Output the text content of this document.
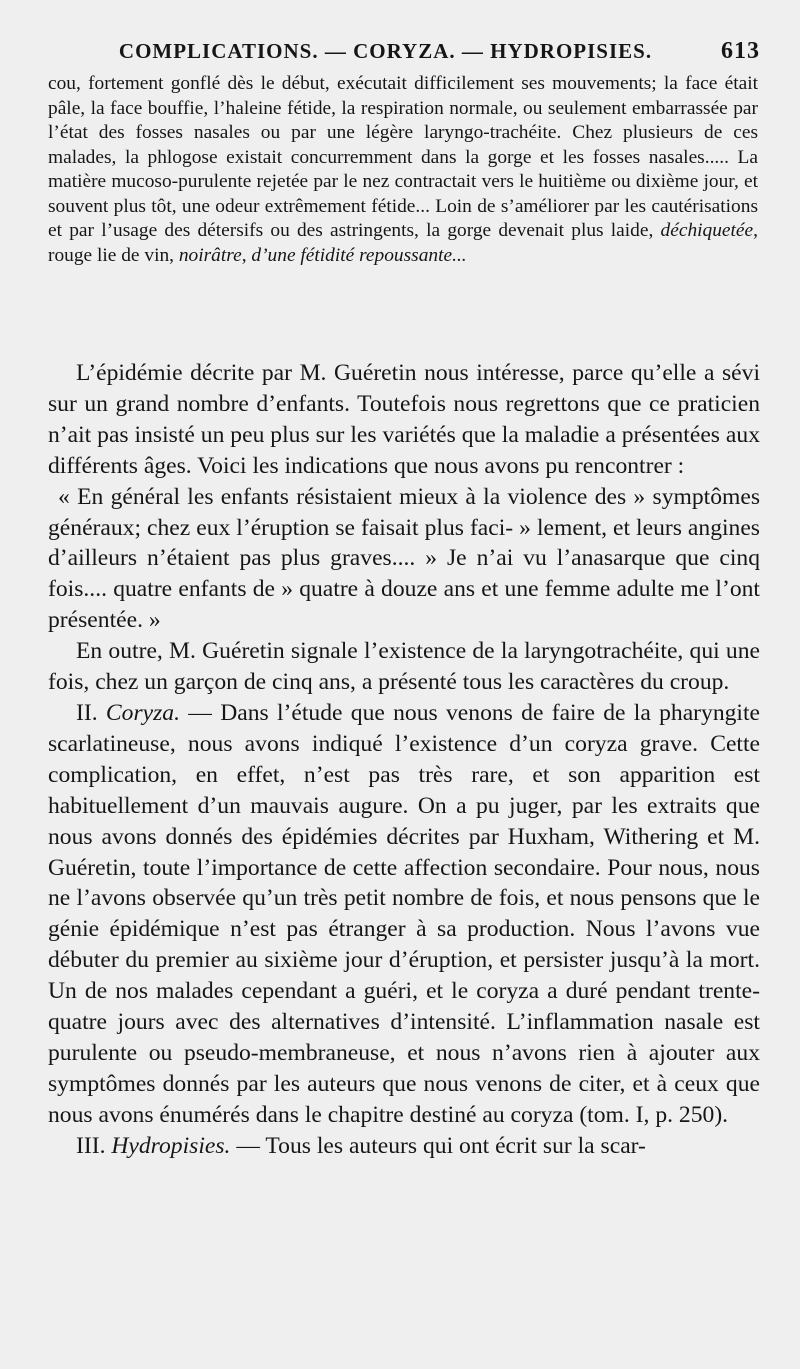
COMPLICATIONS. — CORYZA. — HYDROPISIES.	613

cou, fortement gonflé dès le début, exécutait difficilement ses mouvements; la face était pâle, la face bouffie, l’haleine fétide, la respiration normale, ou seulement embarrassée par l’état des fosses nasales ou par une légère laryngo-trachéite. Chez plusieurs de ces malades, la phlogose existait concurremment dans la gorge et les fosses nasales..... La matière mucoso-purulente rejetée par le nez contractait vers le huitième ou dixième jour, et souvent plus tôt, une odeur extrêmement fétide... Loin de s’améliorer par les cautérisations et par l’usage des détersifs ou des astringents, la gorge devenait plus laide, déchiquetée, rouge lie de vin, noirâtre, d’une fétidité repoussante...

L’épidémie décrite par M. Guéretin nous intéresse, parce qu’elle a sévi sur un grand nombre d’enfants. Toutefois nous regrettons que ce praticien n’ait pas insisté un peu plus sur les variétés que la maladie a présentées aux différents âges. Voici les indications que nous avons pu rencontrer :

« En général les enfants résistaient mieux à la violence des » symptômes généraux; chez eux l’éruption se faisait plus faci- » lement, et leurs angines d’ailleurs n’étaient pas plus graves.... » Je n’ai vu l’anasarque que cinq fois.... quatre enfants de » quatre à douze ans et une femme adulte me l’ont présentée. »

En outre, M. Guéretin signale l’existence de la laryngotrachéite, qui une fois, chez un garçon de cinq ans, a présenté tous les caractères du croup.

II. Coryza. — Dans l’étude que nous venons de faire de la pharyngite scarlatineuse, nous avons indiqué l’existence d’un coryza grave. Cette complication, en effet, n’est pas très rare, et son apparition est habituellement d’un mauvais augure. On a pu juger, par les extraits que nous avons donnés des épidémies décrites par Huxham, Withering et M. Guéretin, toute l’importance de cette affection secondaire. Pour nous, nous ne l’avons observée qu’un très petit nombre de fois, et nous pensons que le génie épidémique n’est pas étranger à sa production. Nous l’avons vue débuter du premier au sixième jour d’éruption, et persister jusqu’à la mort. Un de nos malades cependant a guéri, et le coryza a duré pendant trente-quatre jours avec des alternatives d’intensité. L’inflammation nasale est purulente ou pseudo-membraneuse, et nous n’avons rien à ajouter aux symptômes donnés par les auteurs que nous venons de citer, et à ceux que nous avons énumérés dans le chapitre destiné au coryza (tom. I, p. 250).

III. Hydropisies. — Tous les auteurs qui ont écrit sur la scar-
